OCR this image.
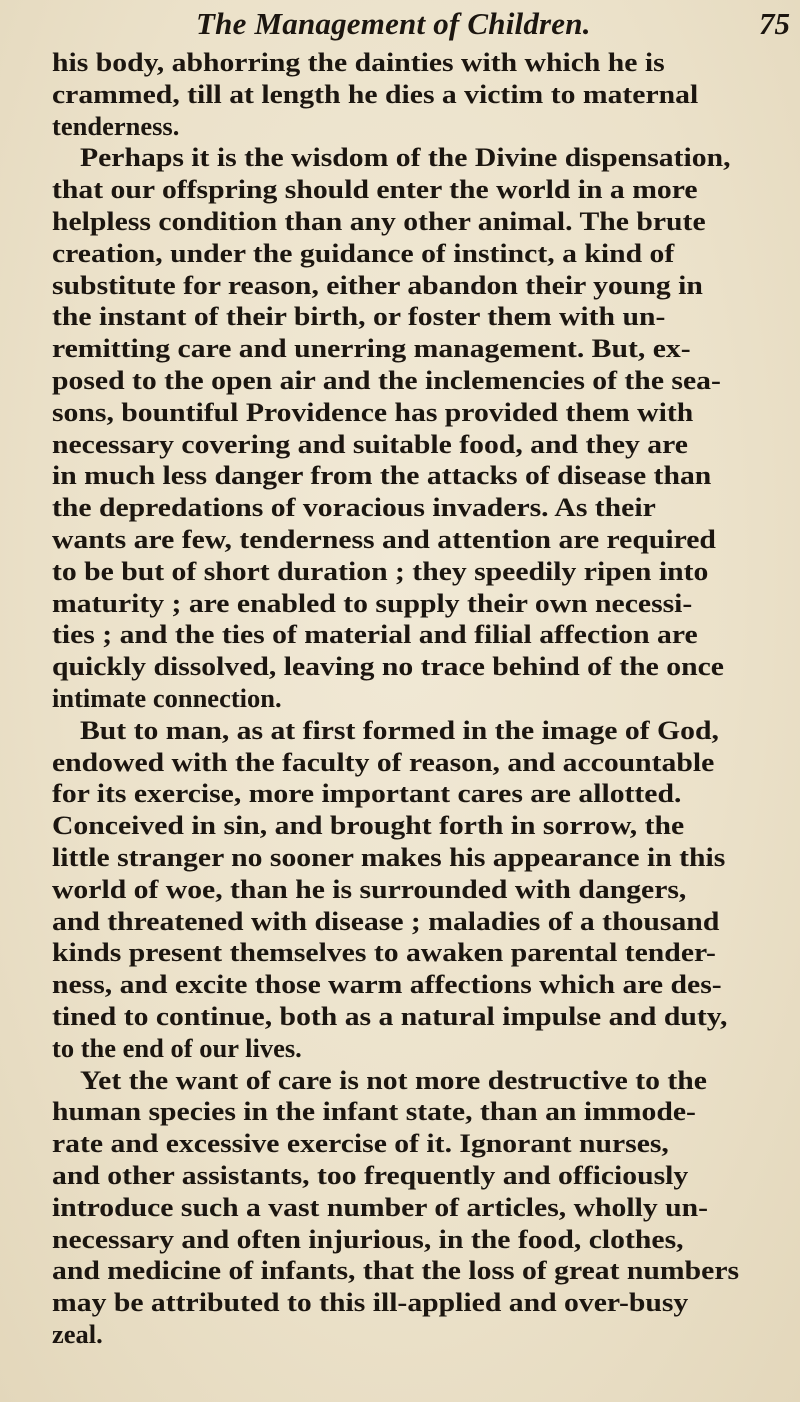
The Management of Children.	75
his body, abhorring the dainties with which he is
crammed, till at length he dies a victim to maternal
tenderness.
Perhaps it is the wisdom of the Divine dispensation,
that our offspring should enter the world in a more
helpless condition than any other animal. The brute
creation, under the guidance of instinct, a kind of
substitute for reason, either abandon their young in
the instant of their birth, or foster them with un-
remitting care and unerring management. But, ex-
posed to the open air and the inclemencies of the sea-
sons, bountiful Providence has provided them with
necessary covering and suitable food, and they are
in much less danger from the attacks of disease than
the depredations of voracious invaders. As their
wants are few, tenderness and attention are required
to be but of short duration ; they speedily ripen into
maturity ; are enabled to supply their own necessi-
ties ; and the ties of material and filial affection are
quickly dissolved, leaving no trace behind of the once
intimate connection.
But to man, as at first formed in the image of God,
endowed with the faculty of reason, and accountable
for its exercise, more important cares are allotted.
Conceived in sin, and brought forth in sorrow, the
little stranger no sooner makes his appearance in this
world of woe, than he is surrounded with dangers,
and threatened with disease ; maladies of a thousand
kinds present themselves to awaken parental tender-
ness, and excite those warm affections which are des-
tined to continue, both as a natural impulse and duty,
to the end of our lives.
Yet the want of care is not more destructive to the
human species in the infant state, than an immode-
rate and excessive exercise of it. Ignorant nurses,
and other assistants, too frequently and officiously
introduce such a vast number of articles, wholly un-
necessary and often injurious, in the food, clothes,
and medicine of infants, that the loss of great numbers
may be attributed to this ill-applied and over-busy
zeal.
